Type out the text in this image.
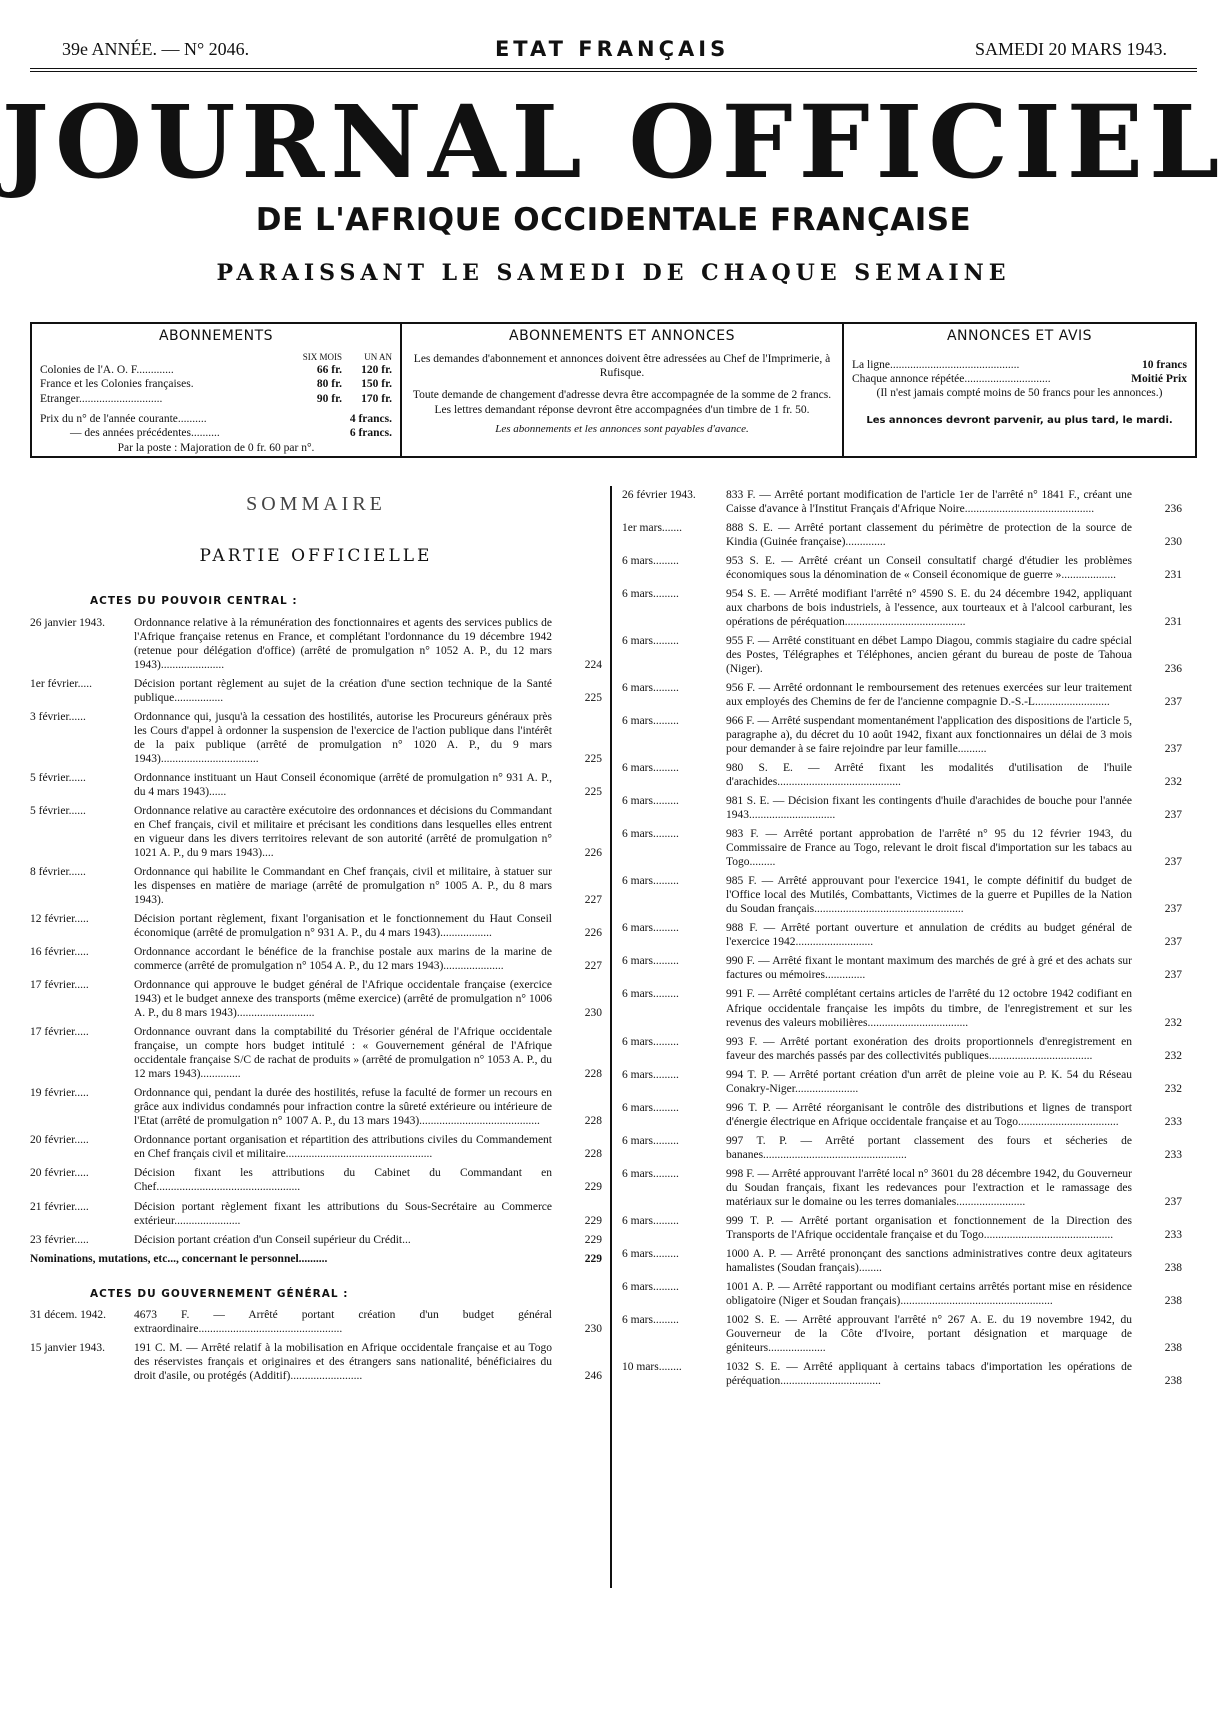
39e ANNÉE. — N° 2046.	ETAT FRANÇAIS	SAMEDI 20 MARS 1943.
JOURNAL OFFICIEL
DE L'AFRIQUE OCCIDENTALE FRANÇAISE
PARAISSANT LE SAMEDI DE CHAQUE SEMAINE
ABONNEMENTS
SIX MOIS	UN AN
Colonies de l'A. O. F.............	66 fr.	120 fr.
France et les Colonies françaises.	80 fr.	150 fr.
Etranger.............................	90 fr.	170 fr.
Prix du n° de l'année courante..........	4 francs.
— des années précédentes..........	6 francs.
Par la poste : Majoration de 0 fr. 60 par n°.
ABONNEMENTS ET ANNONCES
Les demandes d'abonnement et annonces doivent être adressées au Chef de l'Imprimerie, à Rufisque.
Toute demande de changement d'adresse devra être accompagnée de la somme de 2 francs. Les lettres demandant réponse devront être accompagnées d'un timbre de 1 fr. 50.
Les abonnements et les annonces sont payables d'avance.
ANNONCES ET AVIS
La ligne.............................................	10 francs
Chaque annonce répétée..............................	Moitié Prix
(Il n'est jamais compté moins de 50 francs pour les annonces.)
Les annonces devront parvenir, au plus tard, le mardi.
SOMMAIRE
PARTIE OFFICIELLE
ACTES DU POUVOIR CENTRAL :
26 janvier 1943.	Ordonnance relative à la rémunération des fonctionnaires et agents des services publics de l'Afrique française retenus en France, et complétant l'ordonnance du 19 décembre 1942 (retenue pour délégation d'office) (arrêté de promulgation n° 1052 A. P., du 12 mars 1943)......................	224
1er février.....	Décision portant règlement au sujet de la création d'une section technique de la Santé publique.................	225
3 février......	Ordonnance qui, jusqu'à la cessation des hostilités, autorise les Procureurs généraux près les Cours d'appel à ordonner la suspension de l'exercice de l'action publique dans l'intérêt de la paix publique (arrêté de promulgation n° 1020 A. P., du 9 mars 1943)..................................	225
5 février......	Ordonnance instituant un Haut Conseil économique (arrêté de promulgation n° 931 A. P., du 4 mars 1943)......	225
5 février......	Ordonnance relative au caractère exécutoire des ordonnances et décisions du Commandant en Chef français, civil et militaire et précisant les conditions dans lesquelles elles entrent en vigueur dans les divers territoires relevant de son autorité (arrêté de promulgation n° 1021 A. P., du 9 mars 1943)....	226
8 février......	Ordonnance qui habilite le Commandant en Chef français, civil et militaire, à statuer sur les dispenses en matière de mariage (arrêté de promulgation n° 1005 A. P., du 8 mars 1943).	227
12 février.....	Décision portant règlement, fixant l'organisation et le fonctionnement du Haut Conseil économique (arrêté de promulgation n° 931 A. P., du 4 mars 1943)..................	226
16 février.....	Ordonnance accordant le bénéfice de la franchise postale aux marins de la marine de commerce (arrêté de promulgation n° 1054 A. P., du 12 mars 1943).....................	227
17 février.....	Ordonnance qui approuve le budget général de l'Afrique occidentale française (exercice 1943) et le budget annexe des transports (même exercice) (arrêté de promulgation n° 1006 A. P., du 8 mars 1943)...........................	230
17 février.....	Ordonnance ouvrant dans la comptabilité du Trésorier général de l'Afrique occidentale française, un compte hors budget intitulé : « Gouvernement général de l'Afrique occidentale française S/C de rachat de produits » (arrêté de promulgation n° 1053 A. P., du 12 mars 1943)..............	228
19 février.....	Ordonnance qui, pendant la durée des hostilités, refuse la faculté de former un recours en grâce aux individus condamnés pour infraction contre la sûreté extérieure ou intérieure de l'Etat (arrêté de promulgation n° 1007 A. P., du 13 mars 1943)..........................................	228
20 février.....	Ordonnance portant organisation et répartition des attributions civiles du Commandement en Chef français civil et militaire...................................................	228
20 février.....	Décision fixant les attributions du Cabinet du Commandant en Chef..................................................	229
21 février.....	Décision portant règlement fixant les attributions du Sous-Secrétaire au Commerce extérieur.......................	229
23 février.....	Décision portant création d'un Conseil supérieur du Crédit...	229
Nominations, mutations, etc..., concernant le personnel..........	229
ACTES DU GOUVERNEMENT GÉNÉRAL :
31 décem. 1942.	4673 F. — Arrêté portant création d'un budget général extraordinaire..................................................	230
15 janvier 1943.	191 C. M. — Arrêté relatif à la mobilisation en Afrique occidentale française et au Togo des réservistes français et originaires et des étrangers sans nationalité, bénéficiaires du droit d'asile, ou protégés (Additif).........................	246
26 février 1943.	833 F. — Arrêté portant modification de l'article 1er de l'arrêté n° 1841 F., créant une Caisse d'avance à l'Institut Français d'Afrique Noire.............................................	236
1er mars.......	888 S. E. — Arrêté portant classement du périmètre de protection de la source de Kindia (Guinée française)..............	230
6 mars.........	953 S. E. — Arrêté créant un Conseil consultatif chargé d'étudier les problèmes économiques sous la dénomination de « Conseil économique de guerre »...................	231
6 mars.........	954 S. E. — Arrêté modifiant l'arrêté n° 4590 S. E. du 24 décembre 1942, appliquant aux charbons de bois industriels, à l'essence, aux tourteaux et à l'alcool carburant, les opérations de péréquation..........................................	231
6 mars.........	955 F. — Arrêté constituant en débet Lampo Diagou, commis stagiaire du cadre spécial des Postes, Télégraphes et Téléphones, ancien gérant du bureau de poste de Tahoua (Niger).	236
6 mars.........	956 F. — Arrêté ordonnant le remboursement des retenues exercées sur leur traitement aux employés des Chemins de fer de l'ancienne compagnie D.-S.-L..........................	237
6 mars.........	966 F. — Arrêté suspendant momentanément l'application des dispositions de l'article 5, paragraphe a), du décret du 10 août 1942, fixant aux fonctionnaires un délai de 3 mois pour demander à se faire rejoindre par leur famille..........	237
6 mars.........	980 S. E. — Arrêté fixant les modalités d'utilisation de l'huile d'arachides...........................................	232
6 mars.........	981 S. E. — Décision fixant les contingents d'huile d'arachides de bouche pour l'année 1943..............................	237
6 mars.........	983 F. — Arrêté portant approbation de l'arrêté n° 95 du 12 février 1943, du Commissaire de France au Togo, relevant le droit fiscal d'importation sur les tabacs au Togo.........	237
6 mars.........	985 F. — Arrêté approuvant pour l'exercice 1941, le compte définitif du budget de l'Office local des Mutilés, Combattants, Victimes de la guerre et Pupilles de la Nation du Soudan français....................................................	237
6 mars.........	988 F. — Arrêté portant ouverture et annulation de crédits au budget général de l'exercice 1942...........................	237
6 mars.........	990 F. — Arrêté fixant le montant maximum des marchés de gré à gré et des achats sur factures ou mémoires..............	237
6 mars.........	991 F. — Arrêté complétant certains articles de l'arrêté du 12 octobre 1942 codifiant en Afrique occidentale française les impôts du timbre, de l'enregistrement et sur les revenus des valeurs mobilières...................................	232
6 mars.........	993 F. — Arrêté portant exonération des droits proportionnels d'enregistrement en faveur des marchés passés par des collectivités publiques....................................	232
6 mars.........	994 T. P. — Arrêté portant création d'un arrêt de pleine voie au P. K. 54 du Réseau Conakry-Niger......................	232
6 mars.........	996 T. P. — Arrêté réorganisant le contrôle des distributions et lignes de transport d'énergie électrique en Afrique occidentale française et au Togo...................................	233
6 mars.........	997 T. P. — Arrêté portant classement des fours et sécheries de bananes..................................................	233
6 mars.........	998 F. — Arrêté approuvant l'arrêté local n° 3601 du 28 décembre 1942, du Gouverneur du Soudan français, fixant les redevances pour l'extraction et le ramassage des matériaux sur le domaine ou les terres domaniales........................	237
6 mars.........	999 T. P. — Arrêté portant organisation et fonctionnement de la Direction des Transports de l'Afrique occidentale française et du Togo.............................................	233
6 mars.........	1000 A. P. — Arrêté prononçant des sanctions administratives contre deux agitateurs hamalistes (Soudan français)........	238
6 mars.........	1001 A. P. — Arrêté rapportant ou modifiant certains arrêtés portant mise en résidence obligatoire (Niger et Soudan français).....................................................	238
6 mars.........	1002 S. E. — Arrêté approuvant l'arrêté n° 267 A. E. du 19 novembre 1942, du Gouverneur de la Côte d'Ivoire, portant désignation et marquage de géniteurs....................	238
10 mars........	1032 S. E. — Arrêté appliquant à certains tabacs d'importation les opérations de péréquation...................................	238
